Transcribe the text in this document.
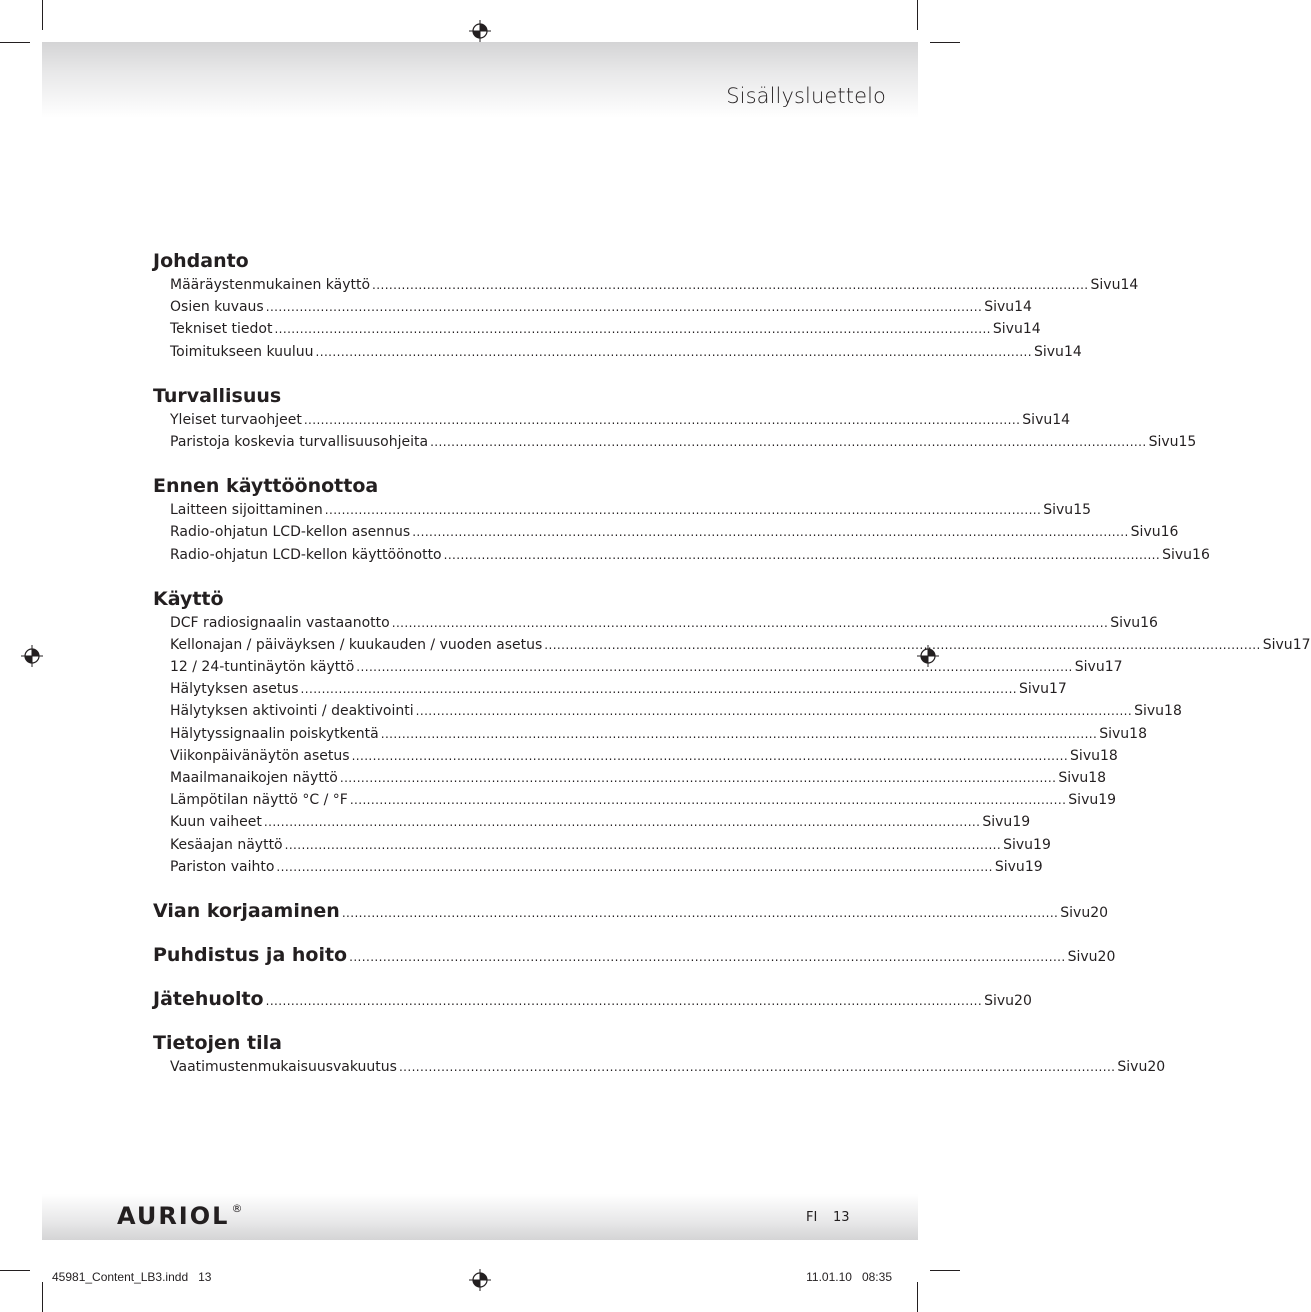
Sisällysluettelo
Johdanto
Määräystenmukainen käyttö .......................................................................................................................................................................... Sivu 14
Osien kuvaus .......................................................................................................................................................................... Sivu 14
Tekniset tiedot .......................................................................................................................................................................... Sivu 14
Toimitukseen kuuluu .......................................................................................................................................................................... Sivu 14
Turvallisuus
Yleiset turvaohjeet .......................................................................................................................................................................... Sivu 14
Paristoja koskevia turvallisuusohjeita .......................................................................................................................................................................... Sivu 15
Ennen käyttöönottoa
Laitteen sijoittaminen .......................................................................................................................................................................... Sivu 15
Radio-ohjatun LCD-kellon asennus .......................................................................................................................................................................... Sivu 16
Radio-ohjatun LCD-kellon käyttöönotto .......................................................................................................................................................................... Sivu 16
Käyttö
DCF radiosignaalin vastaanotto .......................................................................................................................................................................... Sivu 16
Kellonajan / päiväyksen / kuukauden / vuoden asetus .......................................................................................................................................................................... Sivu 17
12 / 24-tuntinäytön käyttö .......................................................................................................................................................................... Sivu 17
Hälytyksen asetus .......................................................................................................................................................................... Sivu 17
Hälytyksen aktivointi / deaktivointi .......................................................................................................................................................................... Sivu 18
Hälytyssignaalin poiskytkentä .......................................................................................................................................................................... Sivu 18
Viikonpäivänäytön asetus .......................................................................................................................................................................... Sivu 18
Maailmanaikojen näyttö .......................................................................................................................................................................... Sivu 18
Lämpötilan näyttö °C / °F .......................................................................................................................................................................... Sivu 19
Kuun vaiheet .......................................................................................................................................................................... Sivu 19
Kesäajan näyttö .......................................................................................................................................................................... Sivu 19
Pariston vaihto .......................................................................................................................................................................... Sivu 19
Vian korjaaminen .......................................................................................................................................................................... Sivu 20
Puhdistus ja hoito .......................................................................................................................................................................... Sivu 20
Jätehuolto .......................................................................................................................................................................... Sivu 20
Tietojen tila
Vaatimustenmukaisuusvakuutus .......................................................................................................................................................................... Sivu 20
AURIOL ®
FI 13
45981_Content_LB3.indd   13	11.01.10   08:35
